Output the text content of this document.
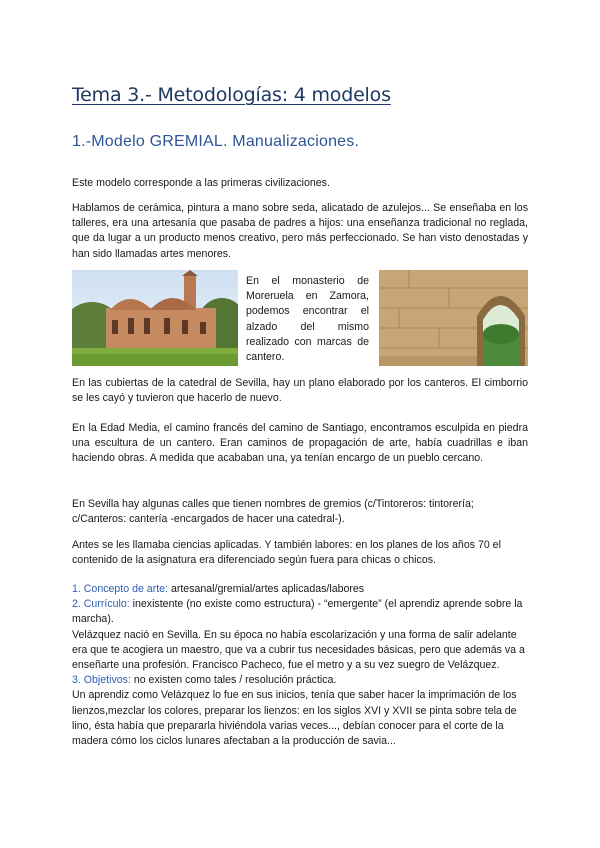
Tema 3.- Metodologías: 4 modelos
1.-Modelo GREMIAL. Manualizaciones.

Este modelo corresponde a las primeras civilizaciones.

Hablamos de cerámica, pintura a mano sobre seda, alicatado de azulejos... Se enseñaba en los talleres, era una artesanía que pasaba de padres a hijos: una enseñanza tradicional no reglada, que da lugar a un producto menos creativo, pero más perfeccionado. Se han visto denostadas y han sido llamadas artes menores.

En el monasterio de Moreruela en Zamora, podemos encontrar el alzado del mismo realizado con marcas de cantero.

En las cubiertas de la catedral de Sevilla, hay un plano elaborado por los canteros. El cimborrio se les cayó y tuvieron que hacerlo de nuevo.

En la Edad Media, el camino francés del camino de Santiago, encontramos esculpida en piedra una escultura de un cantero. Eran caminos de propagación de arte, había cuadrillas e iban haciendo obras. A medida que acababan una, ya tenían encargo de un pueblo cercano.

En Sevilla hay algunas calles que tienen nombres de gremios (c/Tintoreros: tintorería; c/Canteros: cantería -encargados de hacer una catedral-).

Antes se les llamaba ciencias aplicadas. Y también labores: en los planes de los años 70 el contenido de la asignatura era diferenciado según fuera para chicas o chicos.

1. Concepto de arte: artesanal/gremial/artes aplicadas/labores
2. Currículo: inexistente (no existe como estructura) - “emergente” (el aprendiz aprende sobre la marcha).
Velázquez nació en Sevilla. En su época no había escolarización y una forma de salir adelante era que te acogiera un maestro, que va a cubrir tus necesidades básicas, pero que además va a enseñarte una profesión. Francisco Pacheco, fue el metro y a su vez suegro de Velázquez.
3. Objetivos: no existen como tales / resolución práctica.
Un aprendiz como Velázquez lo fue en sus inicios, tenía que saber hacer la imprimación de los lienzos,mezclar los colores, preparar los lienzos: en los siglos XVI y XVII se pinta sobre tela de lino, ésta había que prepararla hiviéndola varias veces..., debían conocer para el corte de la madera cómo los ciclos lunares afectaban a la producción de savia...
